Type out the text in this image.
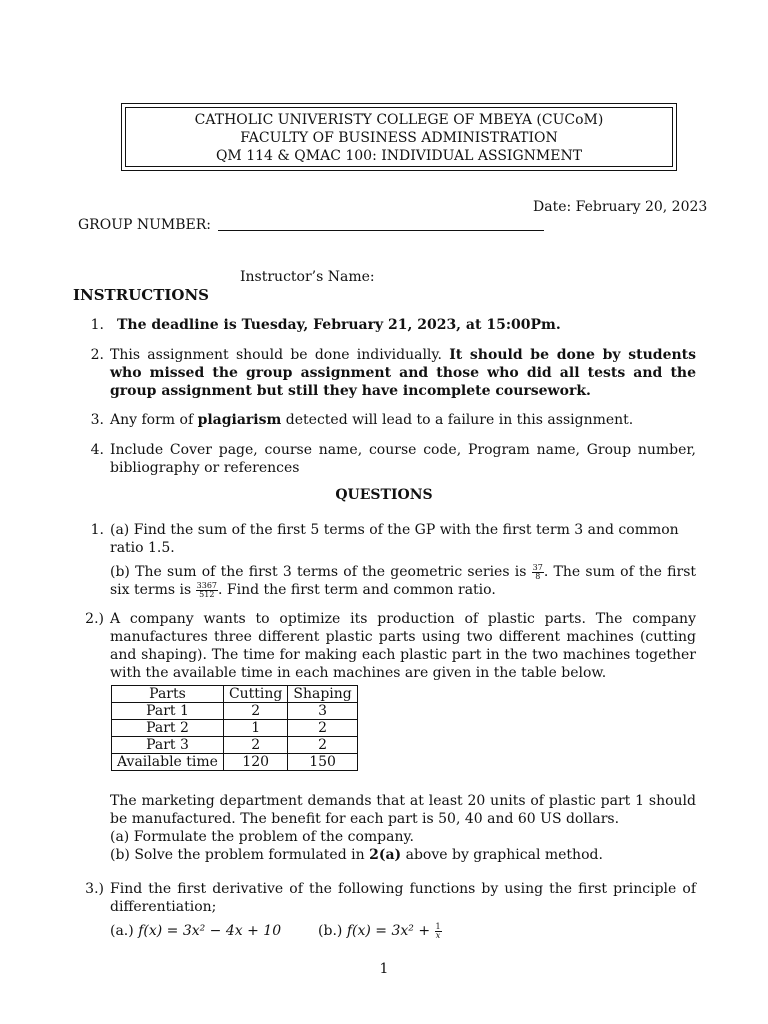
CATHOLIC UNIVERISTY COLLEGE OF MBEYA (CUCoM)
FACULTY OF BUSINESS ADMINISTRATION
QM 114 & QMAC 100: INDIVIDUAL ASSIGNMENT
Date: February 20, 2023
GROUP NUMBER:
Instructor’s Name:
INSTRUCTIONS
1. The deadline is Tuesday, February 21, 2023, at 15:00Pm.
2. This assignment should be done individually. It should be done by students who missed the group assignment and those who did all tests and the group assignment but still they have incomplete coursework.
3. Any form of plagiarism detected will lead to a failure in this assignment.
4. Include Cover page, course name, course code, Program name, Group number, bibliography or references
QUESTIONS
1. (a) Find the sum of the first 5 terms of the GP with the first term 3 and common ratio 1.5.
(b) The sum of the first 3 terms of the geometric series is $\frac{37}{8}$ . The sum of the first six terms is $\frac{3367}{512}$ . Find the first term and common ratio.
2.) A company wants to optimize its production of plastic parts. The company manufactures three different plastic parts using two different machines (cutting and shaping). The time for making each plastic part in the two machines together with the available time in each machines are given in the table below.
Parts	Cutting	Shaping
Part 1	2	3
Part 2	1	2
Part 3	2	2
Available time	120	150
The marketing department demands that at least 20 units of plastic part 1 should be manufactured. The benefit for each part is 50, 40 and 60 US dollars.
(a) Formulate the problem of the company.
(b) Solve the problem formulated in 2(a) above by graphical method.
3.) Find the first derivative of the following functions by using the first principle of differentiation;
(a.) f(x) = 3x² − 4x + 10	(b.) $f(x) = 3x^2 + \frac{1}{x}$
1
